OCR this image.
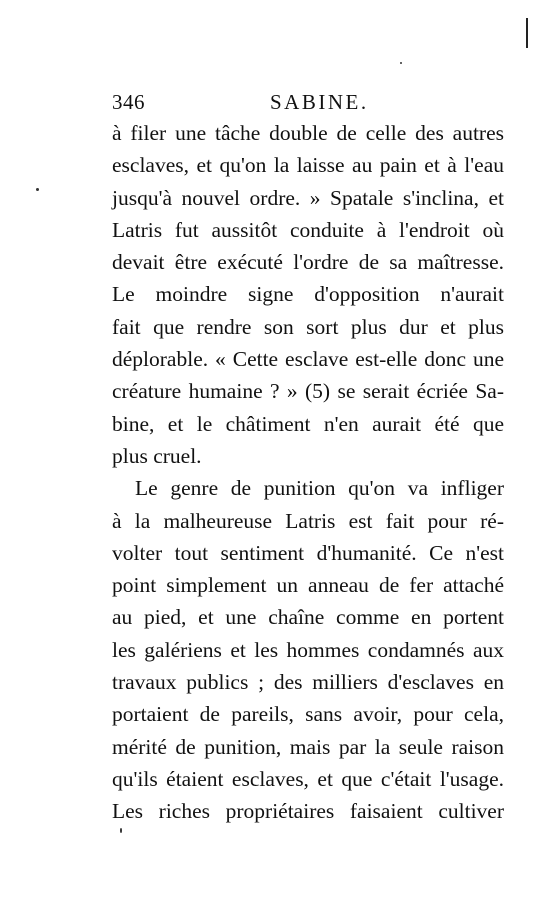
346	SABINE.
à filer une tâche double de celle des autres
esclaves, et qu'on la laisse au pain et à l'eau
jusqu'à nouvel ordre. » Spatale s'inclina, et
Latris fut aussitôt conduite à l'endroit où
devait être exécuté l'ordre de sa maîtresse.
Le moindre signe d'opposition n'aurait
fait que rendre son sort plus dur et plus
déplorable. « Cette esclave est-elle donc une
créature humaine ? » (5) se serait écriée Sa-
bine, et le châtiment n'en aurait été que
plus cruel.
Le genre de punition qu'on va infliger
à la malheureuse Latris est fait pour ré-
volter tout sentiment d'humanité. Ce n'est
point simplement un anneau de fer attaché
au pied, et une chaîne comme en portent
les galériens et les hommes condamnés aux
travaux publics ; des milliers d'esclaves en
portaient de pareils, sans avoir, pour cela,
mérité de punition, mais par la seule raison
qu'ils étaient esclaves, et que c'était l'usage.
Les riches propriétaires faisaient cultiver
